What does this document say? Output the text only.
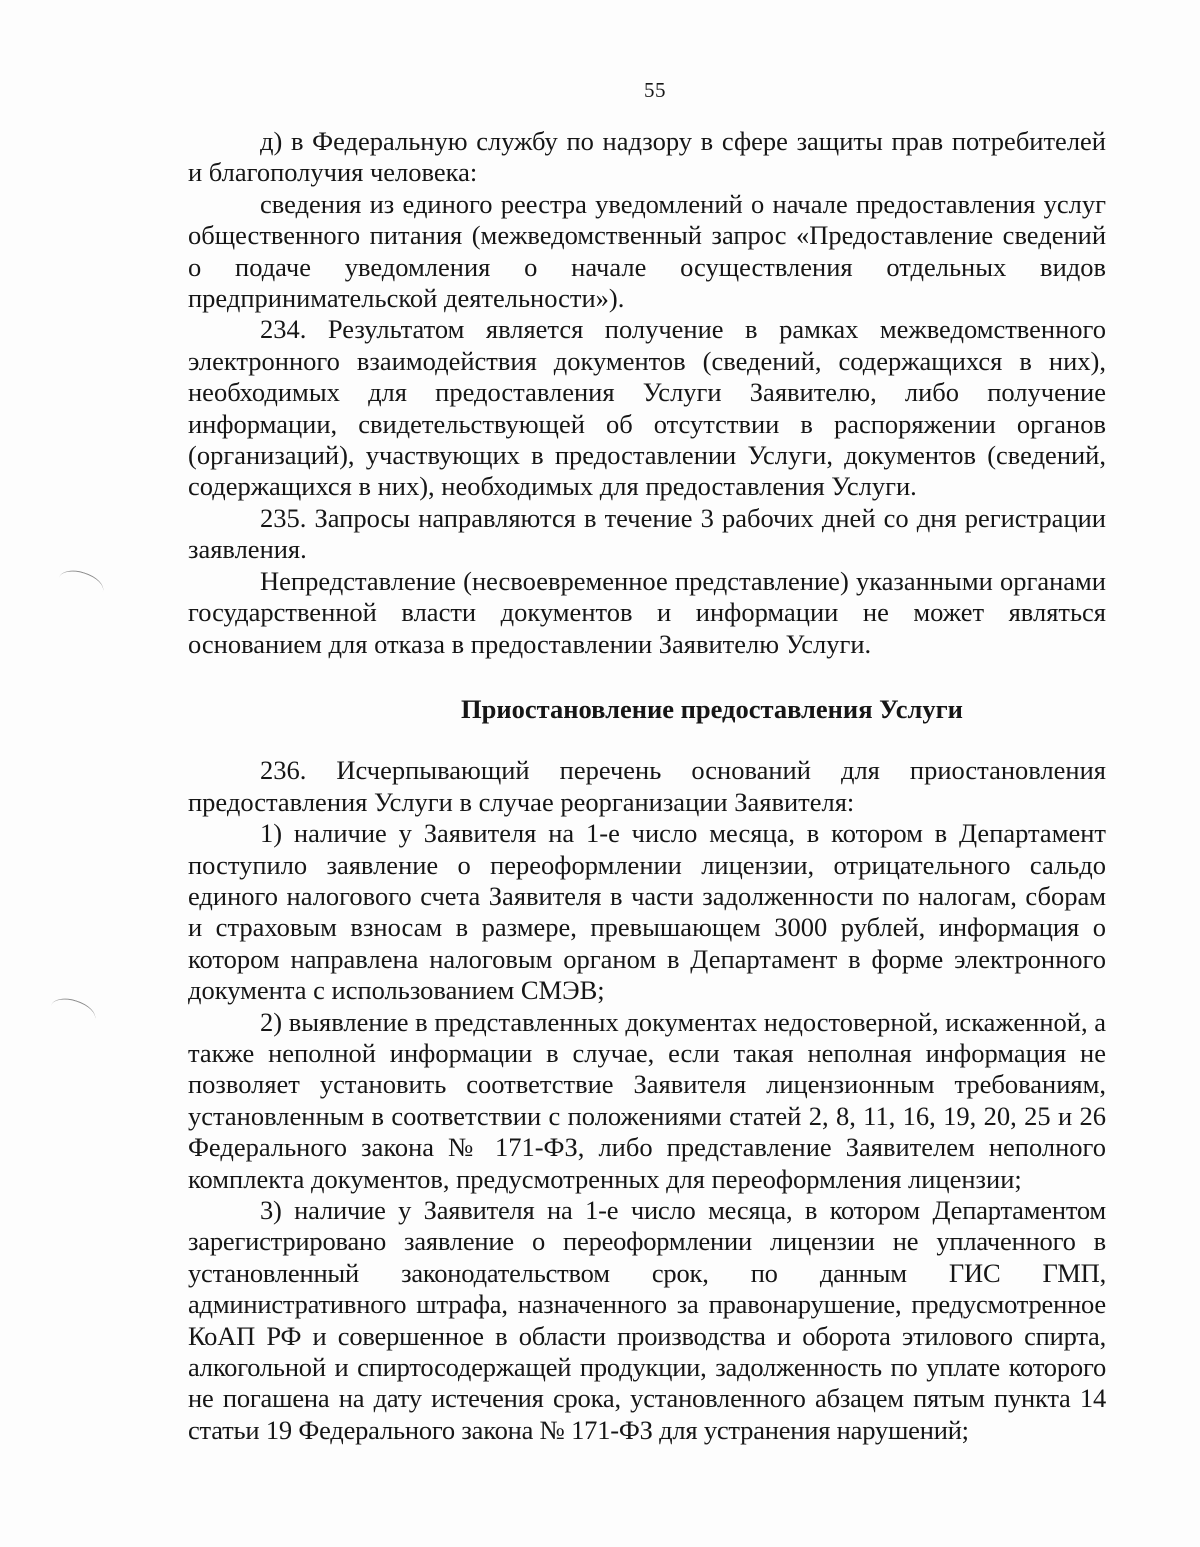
55

д) в Федеральную службу по надзору в сфере защиты прав потребителей и благополучия человека:

сведения из единого реестра уведомлений о начале предоставления услуг общественного питания (межведомственный запрос «Предоставление сведений о подаче уведомления о начале осуществления отдельных видов предпринимательской деятельности»).

234. Результатом является получение в рамках межведомственного электронного взаимодействия документов (сведений, содержащихся в них), необходимых для предоставления Услуги Заявителю, либо получение информации, свидетельствующей об отсутствии в распоряжении органов (организаций), участвующих в предоставлении Услуги, документов (сведений, содержащихся в них), необходимых для предоставления Услуги.

235. Запросы направляются в течение 3 рабочих дней со дня регистрации заявления.

Непредставление (несвоевременное представление) указанными органами государственной власти документов и информации не может являться основанием для отказа в предоставлении Заявителю Услуги.

Приостановление предоставления Услуги

236. Исчерпывающий перечень оснований для приостановления предоставления Услуги в случае реорганизации Заявителя:

1) наличие у Заявителя на 1-е число месяца, в котором в Департамент поступило заявление о переоформлении лицензии, отрицательного сальдо единого налогового счета Заявителя в части задолженности по налогам, сборам и страховым взносам в размере, превышающем 3000 рублей, информация о котором направлена налоговым органом в Департамент в форме электронного документа с использованием СМЭВ;

2) выявление в представленных документах недостоверной, искаженной, а также неполной информации в случае, если такая неполная информация не позволяет установить соответствие Заявителя лицензионным требованиям, установленным в соответствии с положениями статей 2, 8, 11, 16, 19, 20, 25 и 26 Федерального закона № 171-ФЗ, либо представление Заявителем неполного комплекта документов, предусмотренных для переоформления лицензии;

3) наличие у Заявителя на 1-е число месяца, в котором Департаментом зарегистрировано заявление о переоформлении лицензии не уплаченного в установленный законодательством срок, по данным ГИС ГМП, административного штрафа, назначенного за правонарушение, предусмотренное КоАП РФ и совершенное в области производства и оборота этилового спирта, алкогольной и спиртосодержащей продукции, задолженность по уплате которого не погашена на дату истечения срока, установленного абзацем пятым пункта 14 статьи 19 Федерального закона № 171-ФЗ для устранения нарушений;
